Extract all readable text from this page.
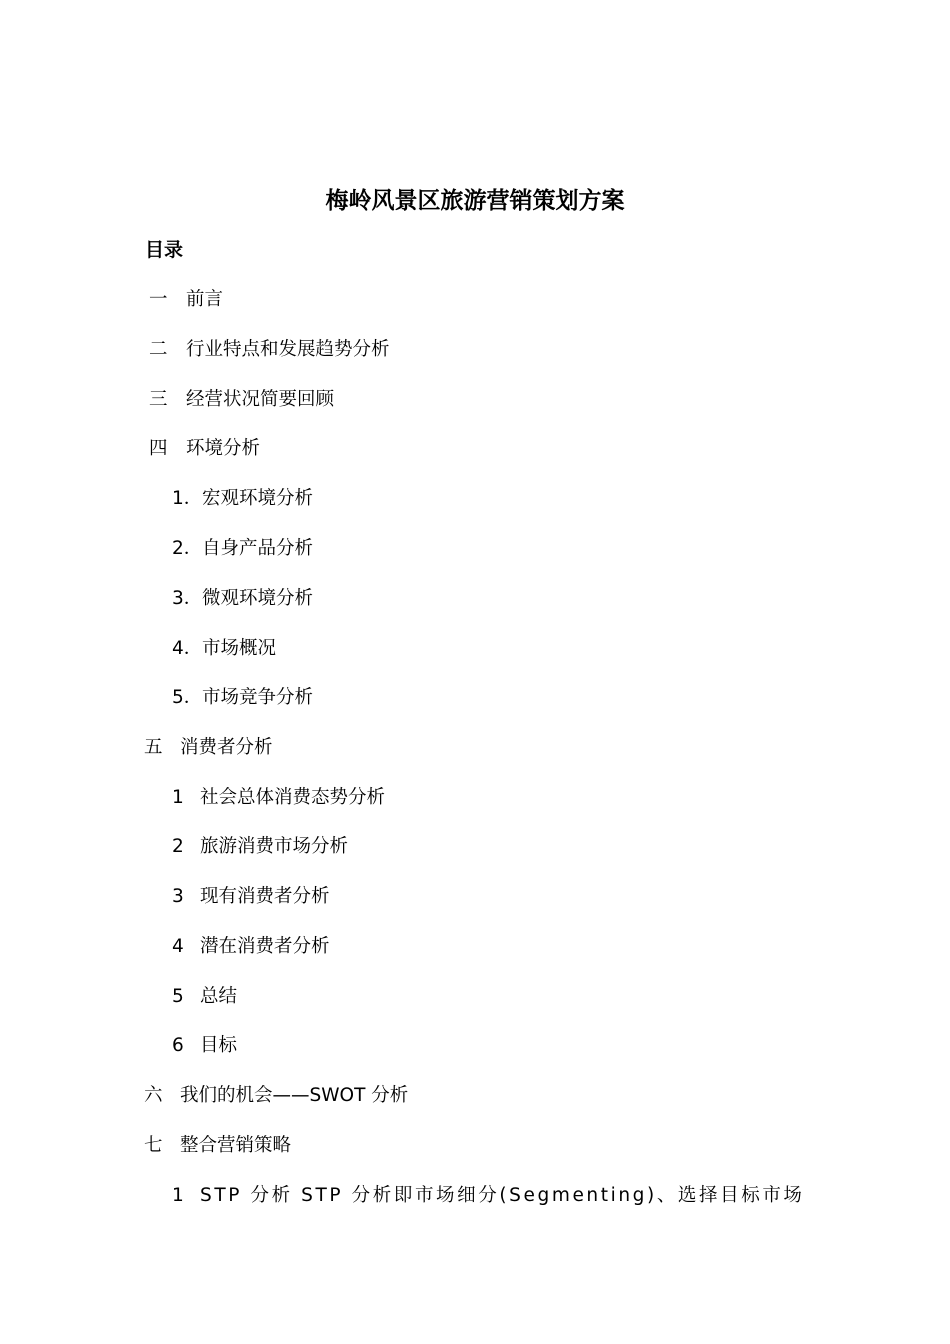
梅岭风景区旅游营销策划方案
目录
一 前言
二 行业特点和发展趋势分析
三 经营状况简要回顾
四 环境分析
1．宏观环境分析
2．自身产品分析
3．微观环境分析
4．市场概况
5．市场竞争分析
五 消费者分析
1 社会总体消费态势分析
2 旅游消费市场分析
3 现有消费者分析
4 潜在消费者分析
5 总结
6 目标
六 我们的机会——SWOT 分析
七 整合营销策略
1 STP 分析 STP 分析即市场细分(Segmenting)、选择目标市场
